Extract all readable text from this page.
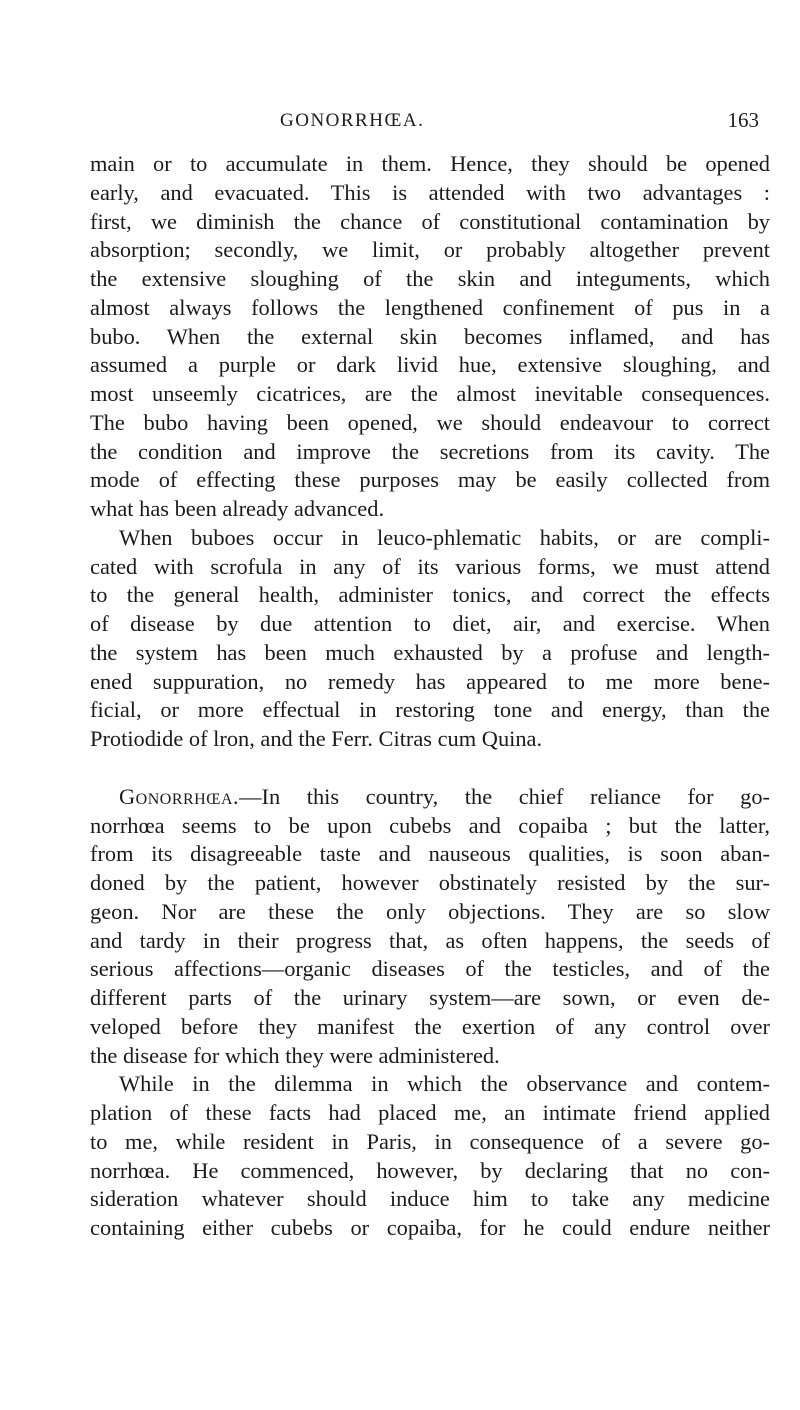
GONORRHŒA.	163
main or to accumulate in them. Hence, they should be opened
early, and evacuated. This is attended with two advantages :
first, we diminish the chance of constitutional contamination by
absorption; secondly, we limit, or probably altogether prevent
the extensive sloughing of the skin and integuments, which
almost always follows the lengthened confinement of pus in a
bubo. When the external skin becomes inflamed, and has
assumed a purple or dark livid hue, extensive sloughing, and
most unseemly cicatrices, are the almost inevitable consequences.
The bubo having been opened, we should endeavour to correct
the condition and improve the secretions from its cavity. The
mode of effecting these purposes may be easily collected from
what has been already advanced.
When buboes occur in leuco-phlematic habits, or are compli-
cated with scrofula in any of its various forms, we must attend
to the general health, administer tonics, and correct the effects
of disease by due attention to diet, air, and exercise. When
the system has been much exhausted by a profuse and length-
ened suppuration, no remedy has appeared to me more bene-
ficial, or more effectual in restoring tone and energy, than the
Protiodide of lron, and the Ferr. Citras cum Quina.
Gonorrhœa.—In this country, the chief reliance for go-
norrhœa seems to be upon cubebs and copaiba ; but the latter,
from its disagreeable taste and nauseous qualities, is soon aban-
doned by the patient, however obstinately resisted by the sur-
geon. Nor are these the only objections. They are so slow
and tardy in their progress that, as often happens, the seeds of
serious affections—organic diseases of the testicles, and of the
different parts of the urinary system—are sown, or even de-
veloped before they manifest the exertion of any control over
the disease for which they were administered.
While in the dilemma in which the observance and contem-
plation of these facts had placed me, an intimate friend applied
to me, while resident in Paris, in consequence of a severe go-
norrhœa. He commenced, however, by declaring that no con-
sideration whatever should induce him to take any medicine
containing either cubebs or copaiba, for he could endure neither
